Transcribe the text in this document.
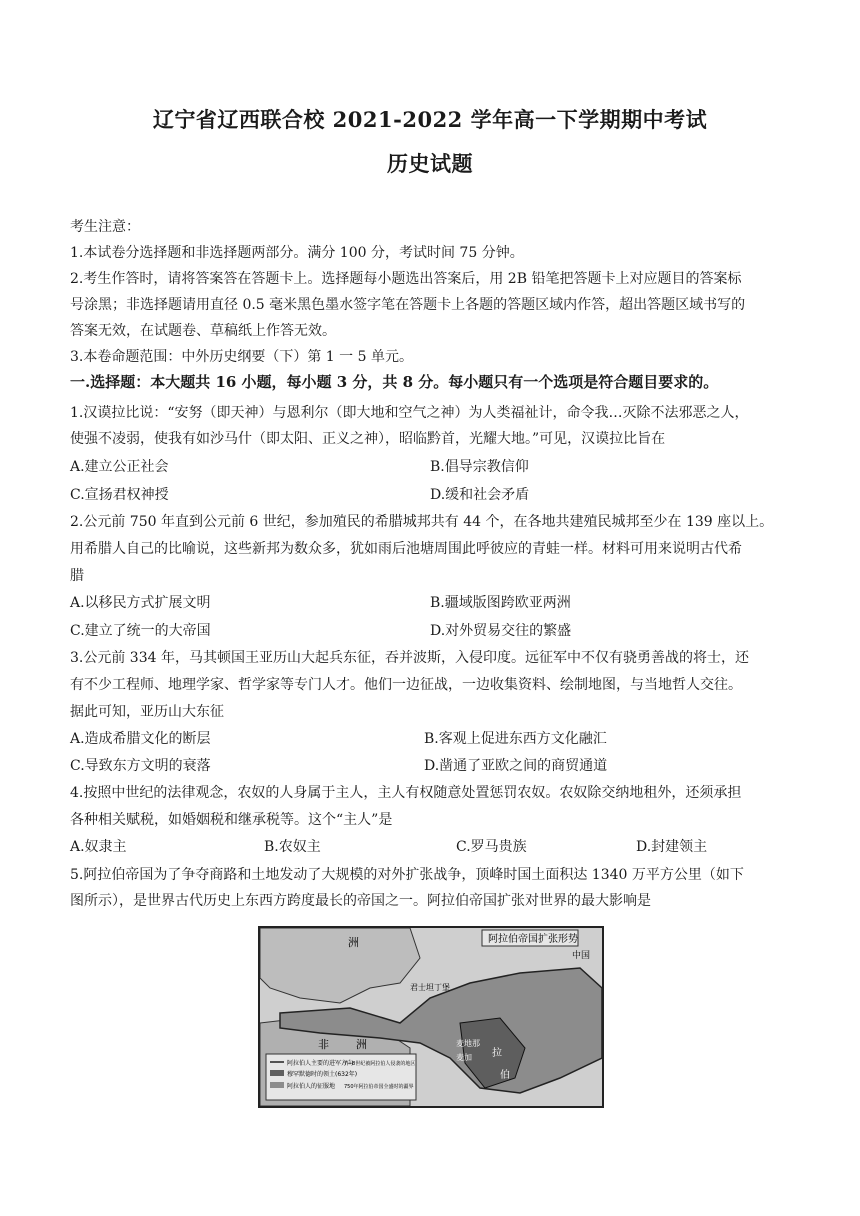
辽宁省辽西联合校 2021-2022 学年高一下学期期中考试
历史试题
考生注意：
1.本试卷分选择题和非选择题两部分。满分 100 分，考试时间 75 分钟。
2.考生作答时，请将答案答在答题卡上。选择题每小题选出答案后，用 2B 铅笔把答题卡上对应题目的答案标
号涂黑；非选择题请用直径 0.5 毫米黑色墨水签字笔在答题卡上各题的答题区域内作答，超出答题区域书写的
答案无效，在试题卷、草稿纸上作答无效。
3.本卷命题范围：中外历史纲要（下）第 1 一 5 单元。
一.选择题：本大题共 16 小题，每小题 3 分，共 8 分。每小题只有一个选项是符合题目要求的。
1.汉谟拉比说：“安努（即天神）与恩利尔（即大地和空气之神）为人类福祉计，命令我…灭除不法邪恶之人，
使强不凌弱，使我有如沙马什（即太阳、正义之神），昭临黔首，光耀大地。”可见，汉谟拉比旨在
A.建立公正社会	B.倡导宗教信仰
C.宣扬君权神授	D.缓和社会矛盾
2.公元前 750 年直到公元前 6 世纪，参加殖民的希腊城邦共有 44 个，在各地共建殖民城邦至少在 139 座以上。
用希腊人自己的比喻说，这些新邦为数众多，犹如雨后池塘周围此呼彼应的青蛙一样。材料可用来说明古代希
腊
A.以移民方式扩展文明	B.疆域版图跨欧亚两洲
C.建立了统一的大帝国	D.对外贸易交往的繁盛
3.公元前 334 年，马其顿国王亚历山大起兵东征，吞并波斯，入侵印度。远征军中不仅有骁勇善战的将士，还
有不少工程师、地理学家、哲学家等专门人才。他们一边征战，一边收集资料、绘制地图，与当地哲人交往。
据此可知，亚历山大东征
A.造成希腊文化的断层	B.客观上促进东西方文化融汇
C.导致东方文明的衰落	D.凿通了亚欧之间的商贸通道
4.按照中世纪的法律观念，农奴的人身属于主人，主人有权随意处置惩罚农奴。农奴除交纳地租外，还须承担
各种相关赋税，如婚姻税和继承税等。这个“主人”是
A.奴隶主	B.农奴主	C.罗马贵族	D.封建领主
5.阿拉伯帝国为了争夺商路和土地发动了大规模的对外扩张战争，顶峰时国土面积达 1340 万平方公里（如下
图所示），是世界古代历史上东西方跨度最长的帝国之一。阿拉伯帝国扩张对世界的最大影响是
阿拉伯帝国扩张形势
洲
君士坦丁堡
非 洲	麦地那
麦加 拉
伯
中国
阿拉伯人主要的进军方向
穆罕默德时的领土(632年)
阿拉伯人的征服地
7—8世纪被阿拉伯人侵袭的地区
750年阿拉伯帝国全盛时的疆界
